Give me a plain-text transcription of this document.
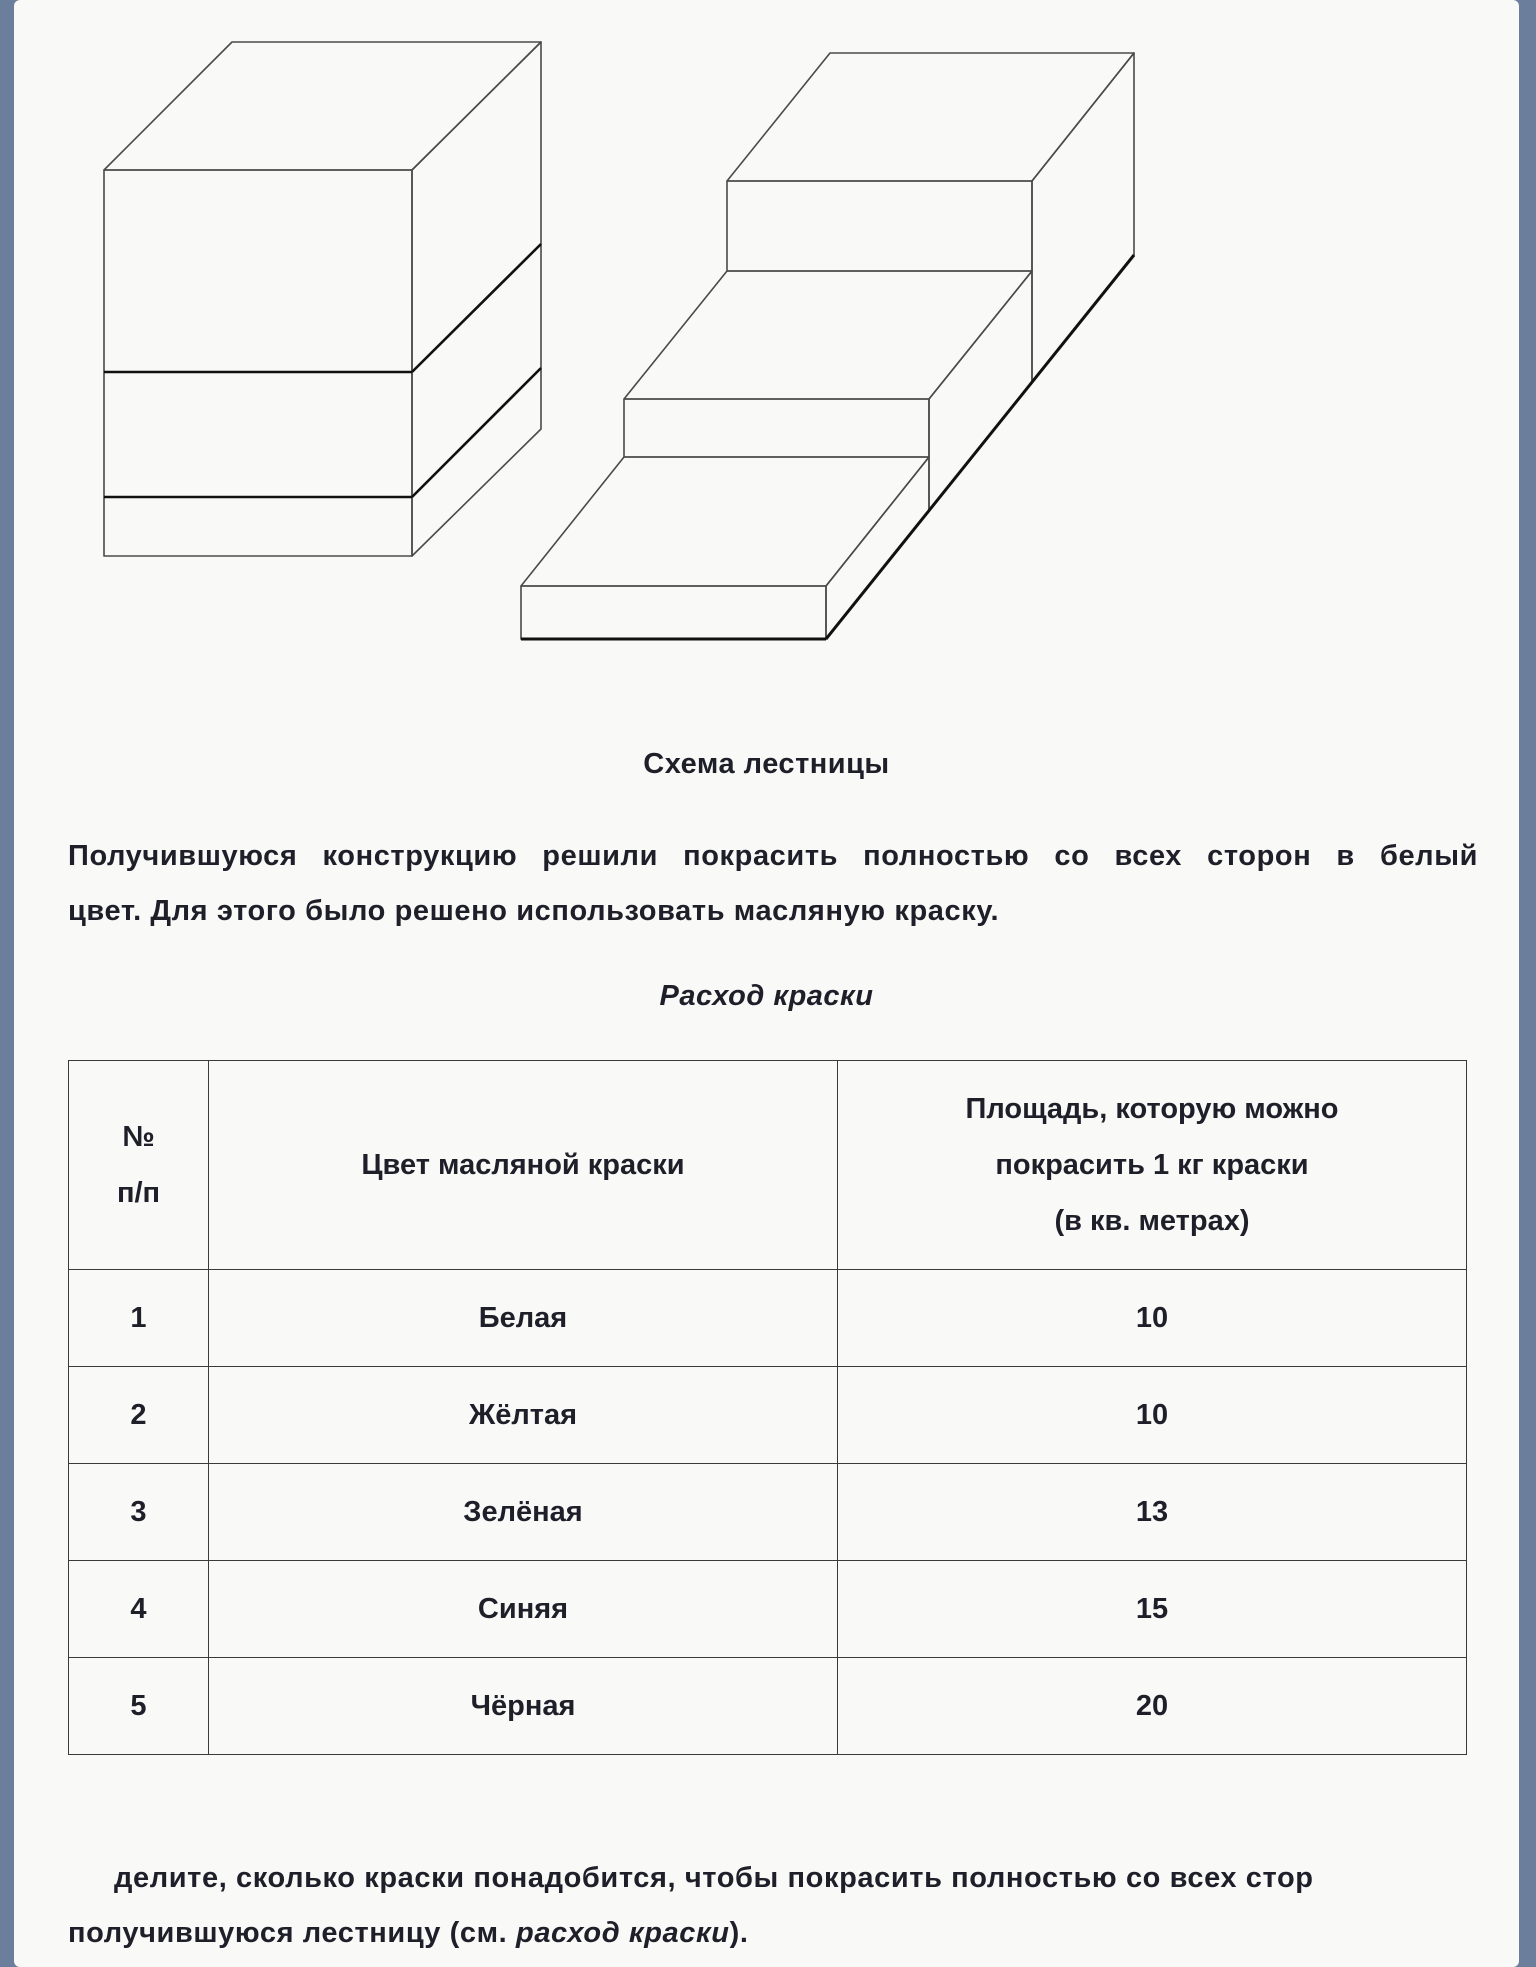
Схема лестницы
Получившуюся конструкцию решили покрасить полностью со всех сторон в белый
цвет. Для этого было решено использовать масляную краску.
Расход краски
№ п/п	Цвет масляной краски	Площадь, которую можно
покрасить 1 кг краски
(в кв. метрах)

1	Белая	10
2	Жёлтая	10
3	Зелёная	13
4	Синяя	15
5	Чёрная	20
делите, сколько краски понадобится, чтобы покрасить полностью со всех стор
получившуюся лестницу (см. расход краски).
